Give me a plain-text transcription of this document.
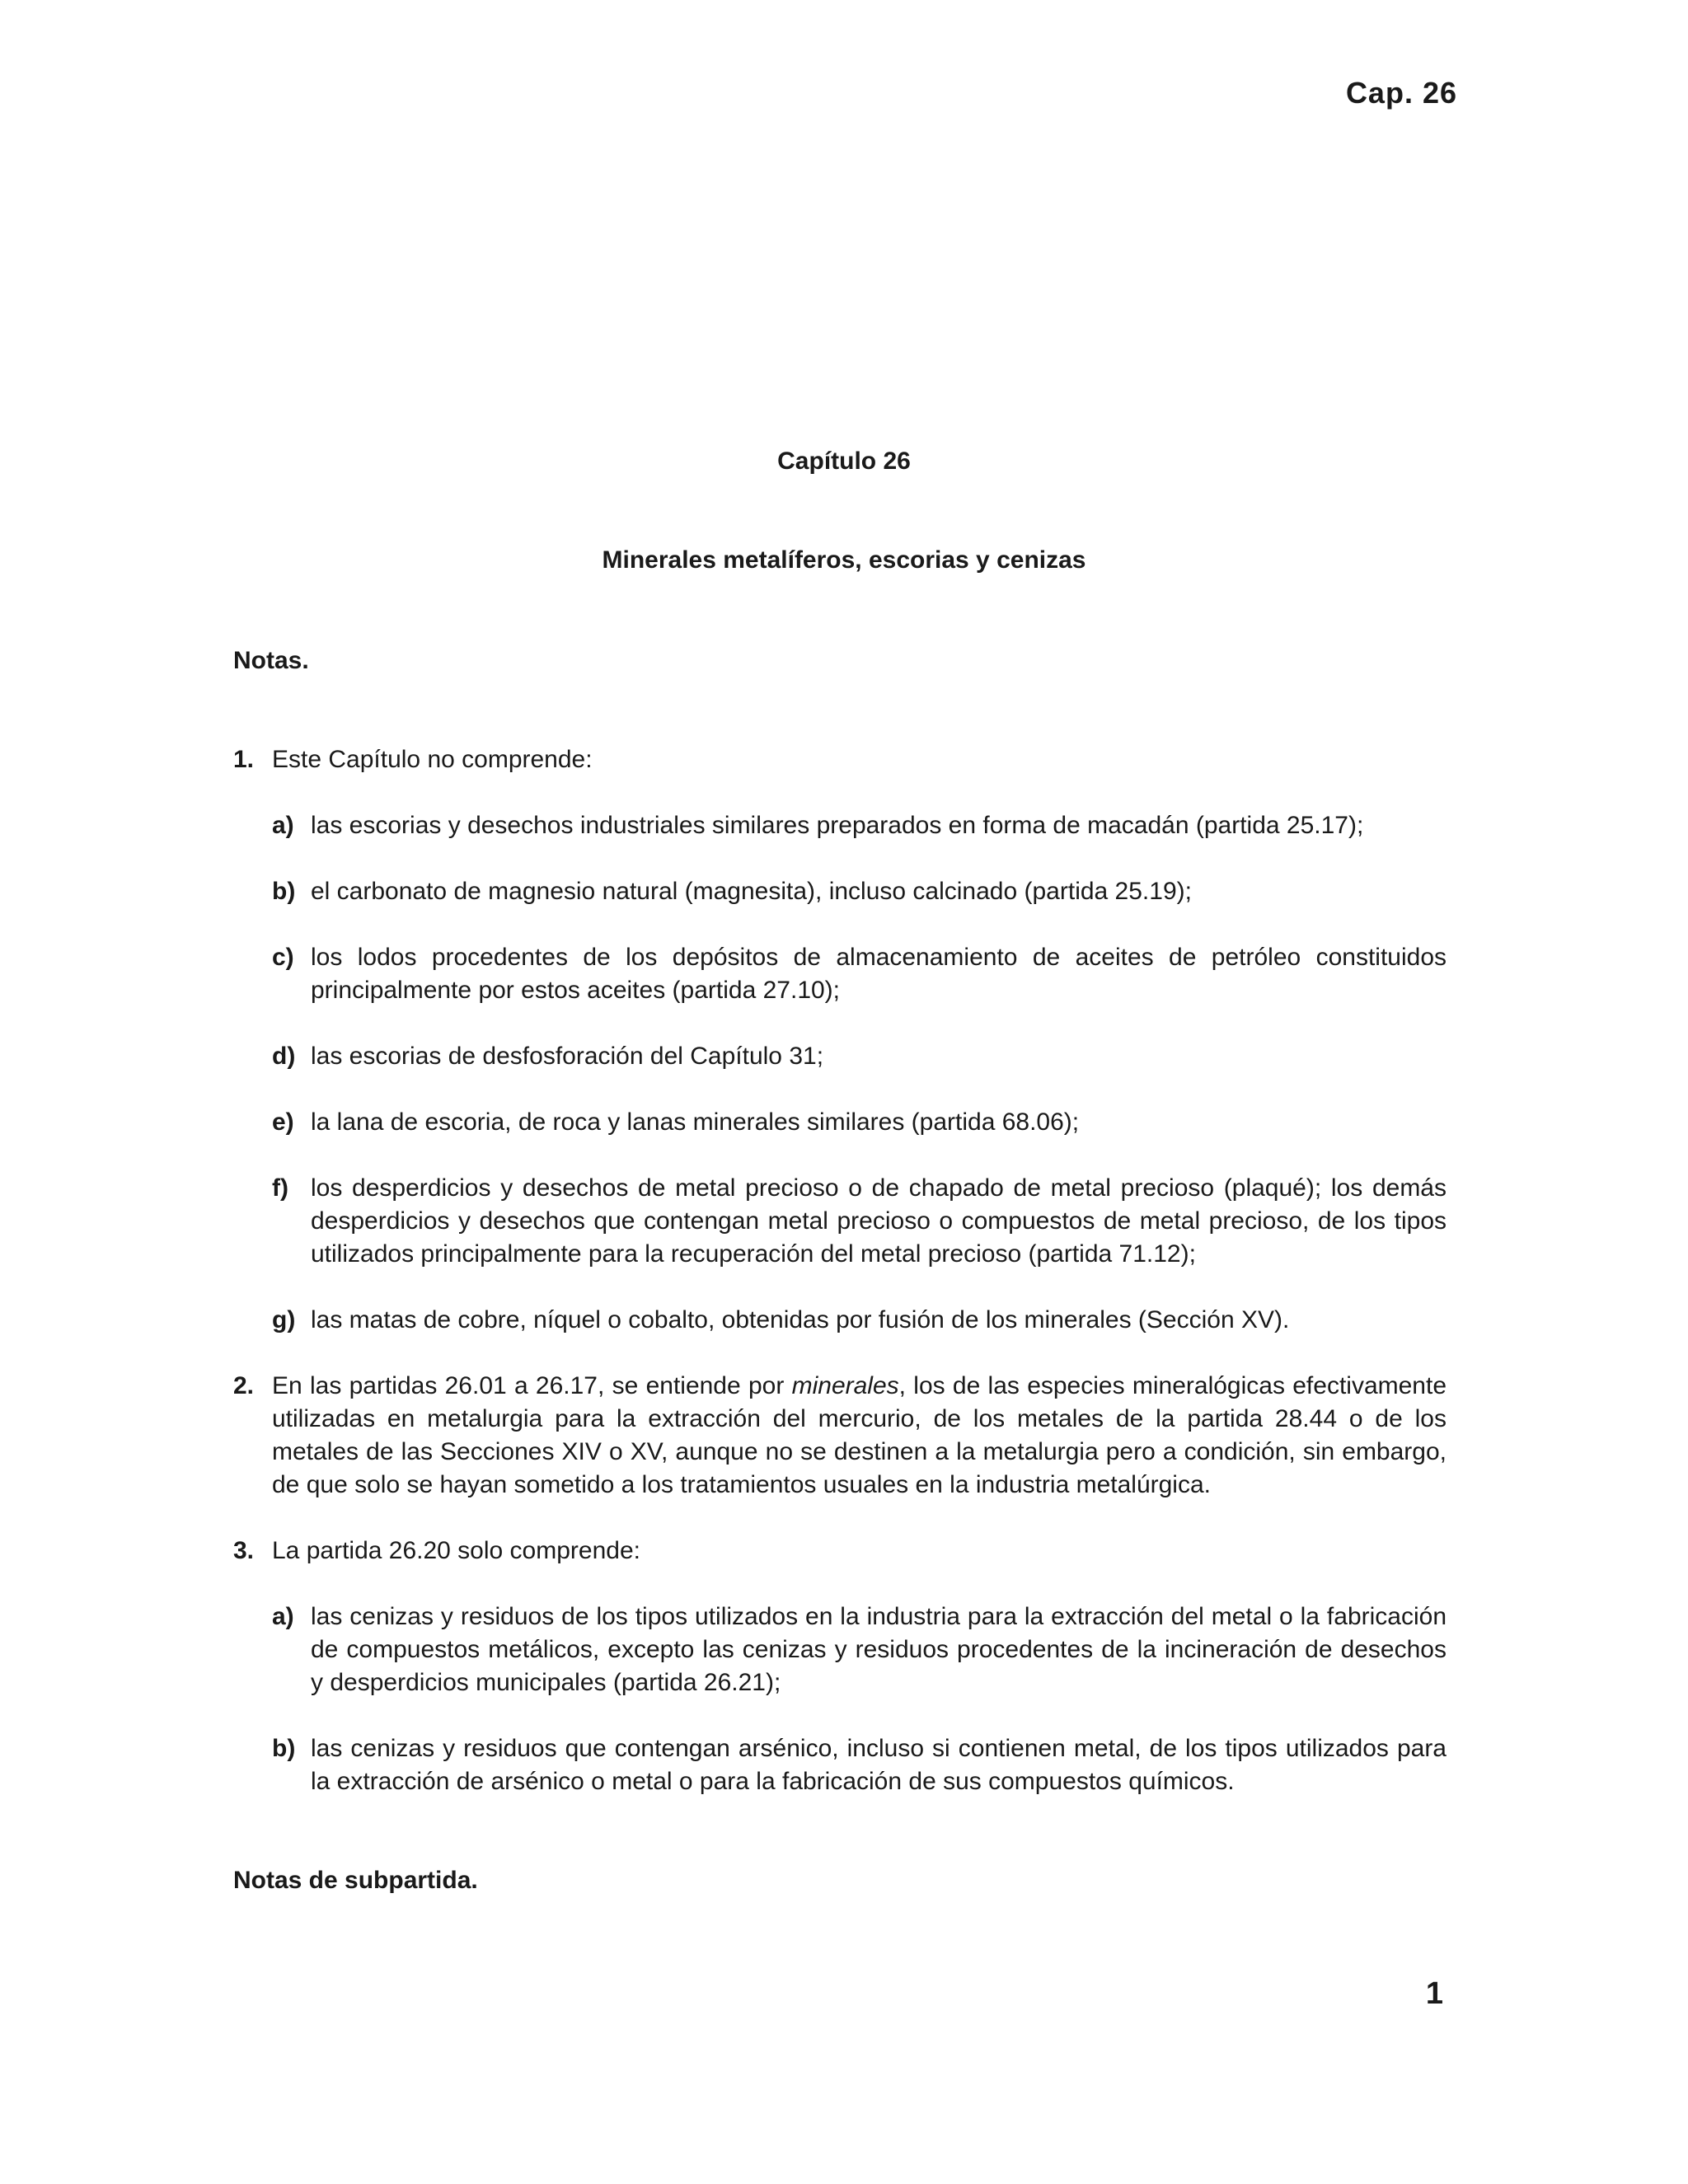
Cap. 26
Capítulo 26
Minerales metalíferos, escorias y cenizas

Notas.

1. Este Capítulo no comprende:
a) las escorias y desechos industriales similares preparados en forma de macadán (partida 25.17);
b) el carbonato de magnesio natural (magnesita), incluso calcinado (partida 25.19);
c) los lodos procedentes de los depósitos de almacenamiento de aceites de petróleo constituidos principalmente por estos aceites (partida 27.10);
d) las escorias de desfosforación del Capítulo 31;
e) la lana de escoria, de roca y lanas minerales similares (partida 68.06);
f) los desperdicios y desechos de metal precioso o de chapado de metal precioso (plaqué); los demás desperdicios y desechos que contengan metal precioso o compuestos de metal precioso, de los tipos utilizados principalmente para la recuperación del metal precioso (partida 71.12);
g) las matas de cobre, níquel o cobalto, obtenidas por fusión de los minerales (Sección XV).
2. En las partidas 26.01 a 26.17, se entiende por minerales, los de las especies mineralógicas efectivamente utilizadas en metalurgia para la extracción del mercurio, de los metales de la partida 28.44 o de los metales de las Secciones XIV o XV, aunque no se destinen a la metalurgia pero a condición, sin embargo, de que solo se hayan sometido a los tratamientos usuales en la industria metalúrgica.
3. La partida 26.20 solo comprende:
a) las cenizas y residuos de los tipos utilizados en la industria para la extracción del metal o la fabricación de compuestos metálicos, excepto las cenizas y residuos procedentes de la incineración de desechos y desperdicios municipales (partida 26.21);
b) las cenizas y residuos que contengan arsénico, incluso si contienen metal, de los tipos utilizados para la extracción de arsénico o metal o para la fabricación de sus compuestos químicos.

Notas de subpartida.

1
